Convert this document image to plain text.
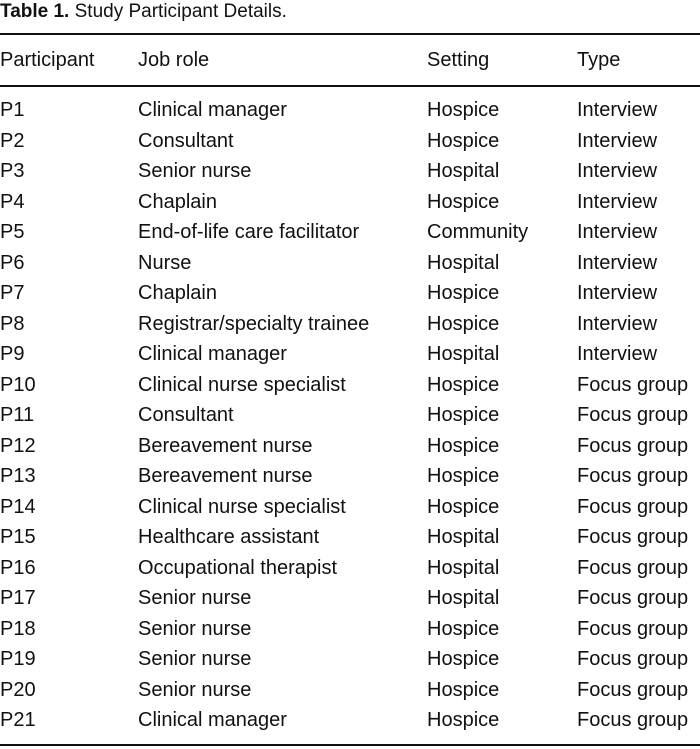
Table 1. Study Participant Details.
Participant	Job role	Setting	Type
P1	Clinical manager	Hospice	Interview
P2	Consultant	Hospice	Interview
P3	Senior nurse	Hospital	Interview
P4	Chaplain	Hospice	Interview
P5	End-of-life care facilitator	Community	Interview
P6	Nurse	Hospital	Interview
P7	Chaplain	Hospice	Interview
P8	Registrar/specialty trainee	Hospice	Interview
P9	Clinical manager	Hospital	Interview
P10	Clinical nurse specialist	Hospice	Focus group
P11	Consultant	Hospice	Focus group
P12	Bereavement nurse	Hospice	Focus group
P13	Bereavement nurse	Hospice	Focus group
P14	Clinical nurse specialist	Hospice	Focus group
P15	Healthcare assistant	Hospital	Focus group
P16	Occupational therapist	Hospital	Focus group
P17	Senior nurse	Hospital	Focus group
P18	Senior nurse	Hospice	Focus group
P19	Senior nurse	Hospice	Focus group
P20	Senior nurse	Hospice	Focus group
P21	Clinical manager	Hospice	Focus group
